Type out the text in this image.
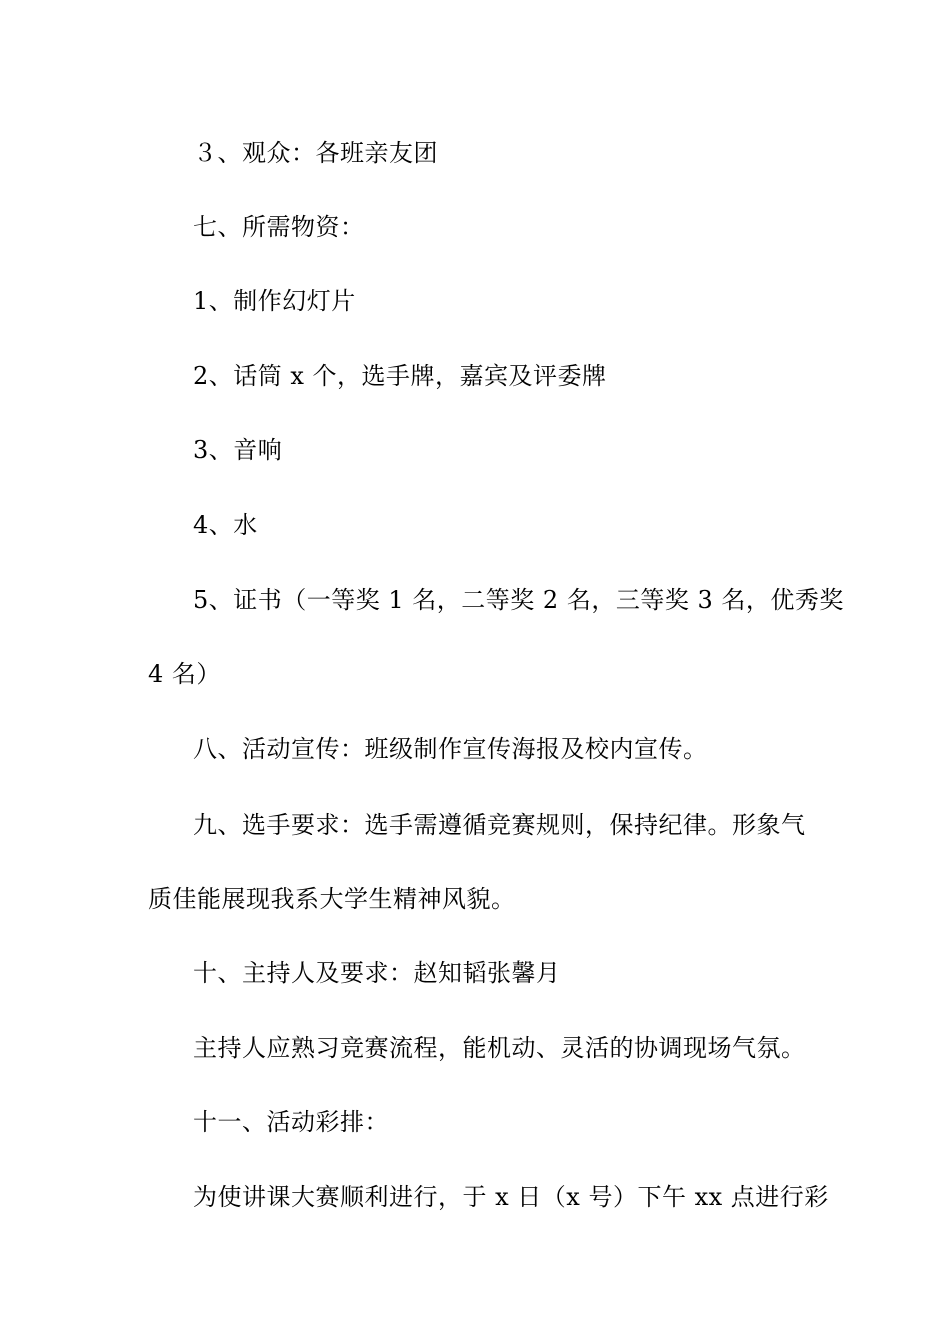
３、观众：各班亲友团
七、所需物资：
1、制作幻灯片
2、话筒 x 个，选手牌，嘉宾及评委牌
3、音响
4、水
5、证书（一等奖 1 名，二等奖 2 名，三等奖 3 名，优秀奖
4 名）
八、活动宣传：班级制作宣传海报及校内宣传。
九、选手要求：选手需遵循竞赛规则，保持纪律。形象气
质佳能展现我系大学生精神风貌。
十、主持人及要求：赵知韬张馨月
主持人应熟习竞赛流程，能机动、灵活的协调现场气氛。
十一、活动彩排：
为使讲课大赛顺利进行，于 x 日（x 号）下午 xx 点进行彩
